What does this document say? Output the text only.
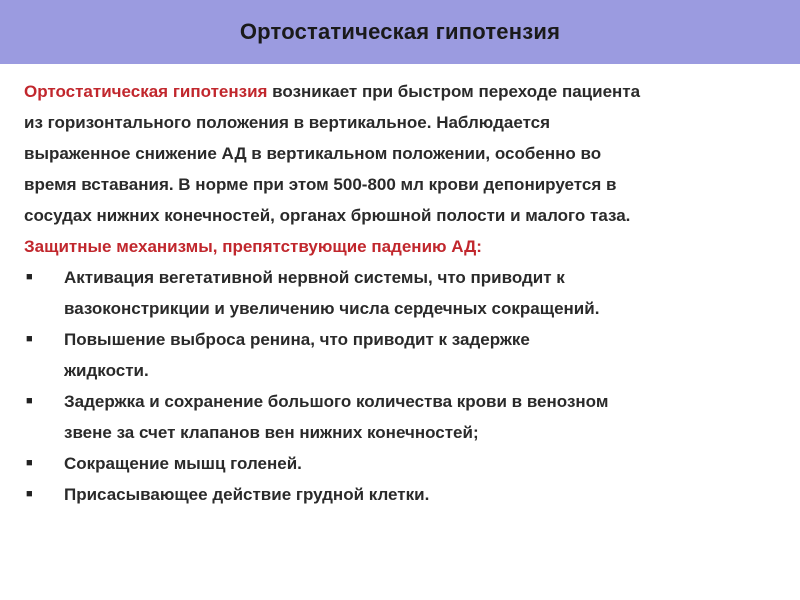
Ортостатическая гипотензия

Ортостатическая гипотензия возникает при быстром переходе пациента
из горизонтального положения в вертикальное. Наблюдается
выраженное снижение АД в вертикальном положении, особенно во
время вставания. В норме при этом 500-800 мл крови депонируется в
сосудах нижних конечностей, органах брюшной полости и малого таза.

Защитные механизмы, препятствующие падению АД:

■ Активация вегетативной нервной системы, что приводит к
вазоконстрикции и увеличению числа сердечных сокращений.
■ Повышение выброса ренина, что приводит к задержке
жидкости.
■ Задержка и сохранение большого количества крови в венозном
звене за счет клапанов вен нижних конечностей;
■ Сокращение мышц голеней.
■ Присасывающее действие грудной клетки.
